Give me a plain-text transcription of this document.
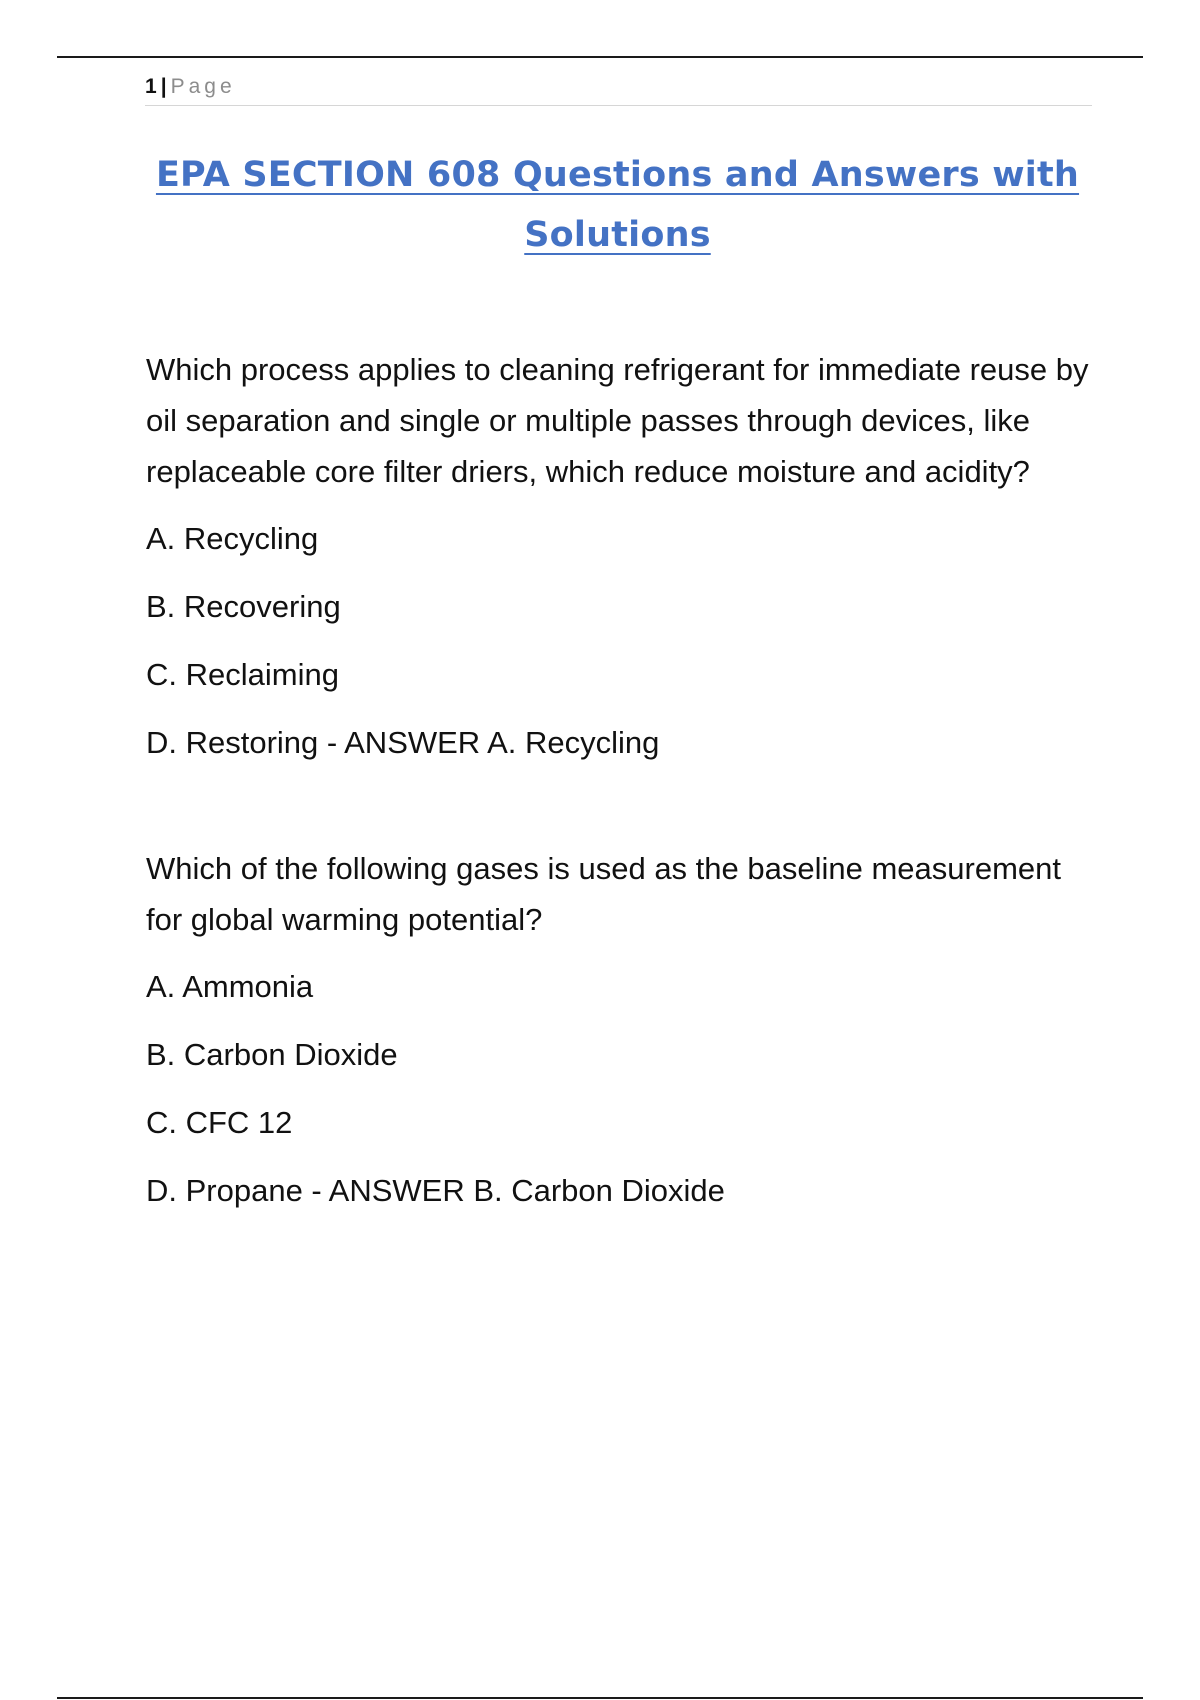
1 | Page
EPA SECTION 608 Questions and Answers with
Solutions

Which process applies to cleaning refrigerant for immediate reuse by oil separation and single or multiple passes through devices, like replaceable core filter driers, which reduce moisture and acidity?

A. Recycling

B. Recovering

C. Reclaiming

D. Restoring - ANSWER A. Recycling

Which of the following gases is used as the baseline measurement for global warming potential?

A. Ammonia

B. Carbon Dioxide

C. CFC 12

D. Propane - ANSWER B. Carbon Dioxide
